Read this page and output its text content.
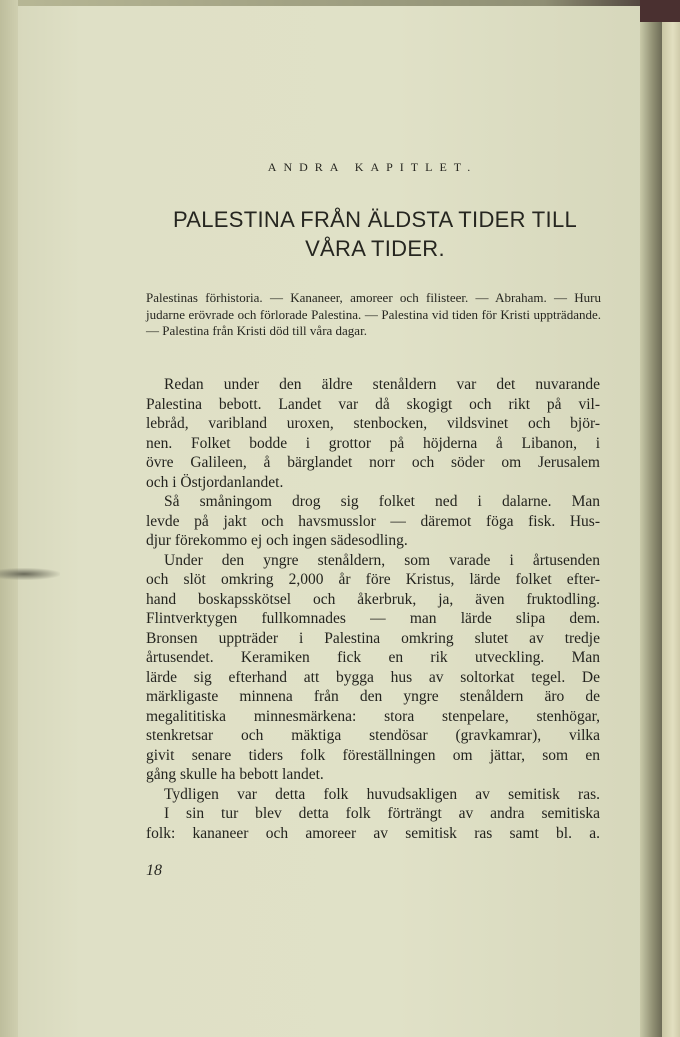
ANDRA KAPITLET.
PALESTINA FRÅN ÄLDSTA TIDER TILL VÅRA TIDER.
Palestinas förhistoria. — Kananeer, amoreer och filisteer. — Abraham. — Huru judarne erövrade och förlorade Palestina. — Palestina vid tiden för Kristi uppträdande. — Palestina från Kristi död till våra dagar.
Redan under den äldre stenåldern var det nuvarande
Palestina bebott. Landet var då skogigt och rikt på vil-
lebråd, varibland uroxen, stenbocken, vildsvinet och björ-
nen. Folket bodde i grottor på höjderna å Libanon, i
övre Galileen, å bärglandet norr och söder om Jerusalem
och i Östjordanlandet.
Så småningom drog sig folket ned i dalarne. Man
levde på jakt och havsmusslor — däremot föga fisk. Hus-
djur förekommo ej och ingen sädesodling.
Under den yngre stenåldern, som varade i årtusenden
och slöt omkring 2,000 år före Kristus, lärde folket efter-
hand boskapsskötsel och åkerbruk, ja, även fruktodling.
Flintverktygen fullkomnades — man lärde slipa dem.
Bronsen uppträder i Palestina omkring slutet av tredje
årtusendet. Keramiken fick en rik utveckling. Man
lärde sig efterhand att bygga hus av soltorkat tegel. De
märkligaste minnena från den yngre stenåldern äro de
megalititiska minnesmärkena: stora stenpelare, stenhögar,
stenkretsar och mäktiga stendösar (gravkamrar), vilka
givit senare tiders folk föreställningen om jättar, som en
gång skulle ha bebott landet.
Tydligen var detta folk huvudsakligen av semitisk ras.
I sin tur blev detta folk förträngt av andra semitiska
folk: kananeer och amoreer av semitisk ras samt bl. a.
18
